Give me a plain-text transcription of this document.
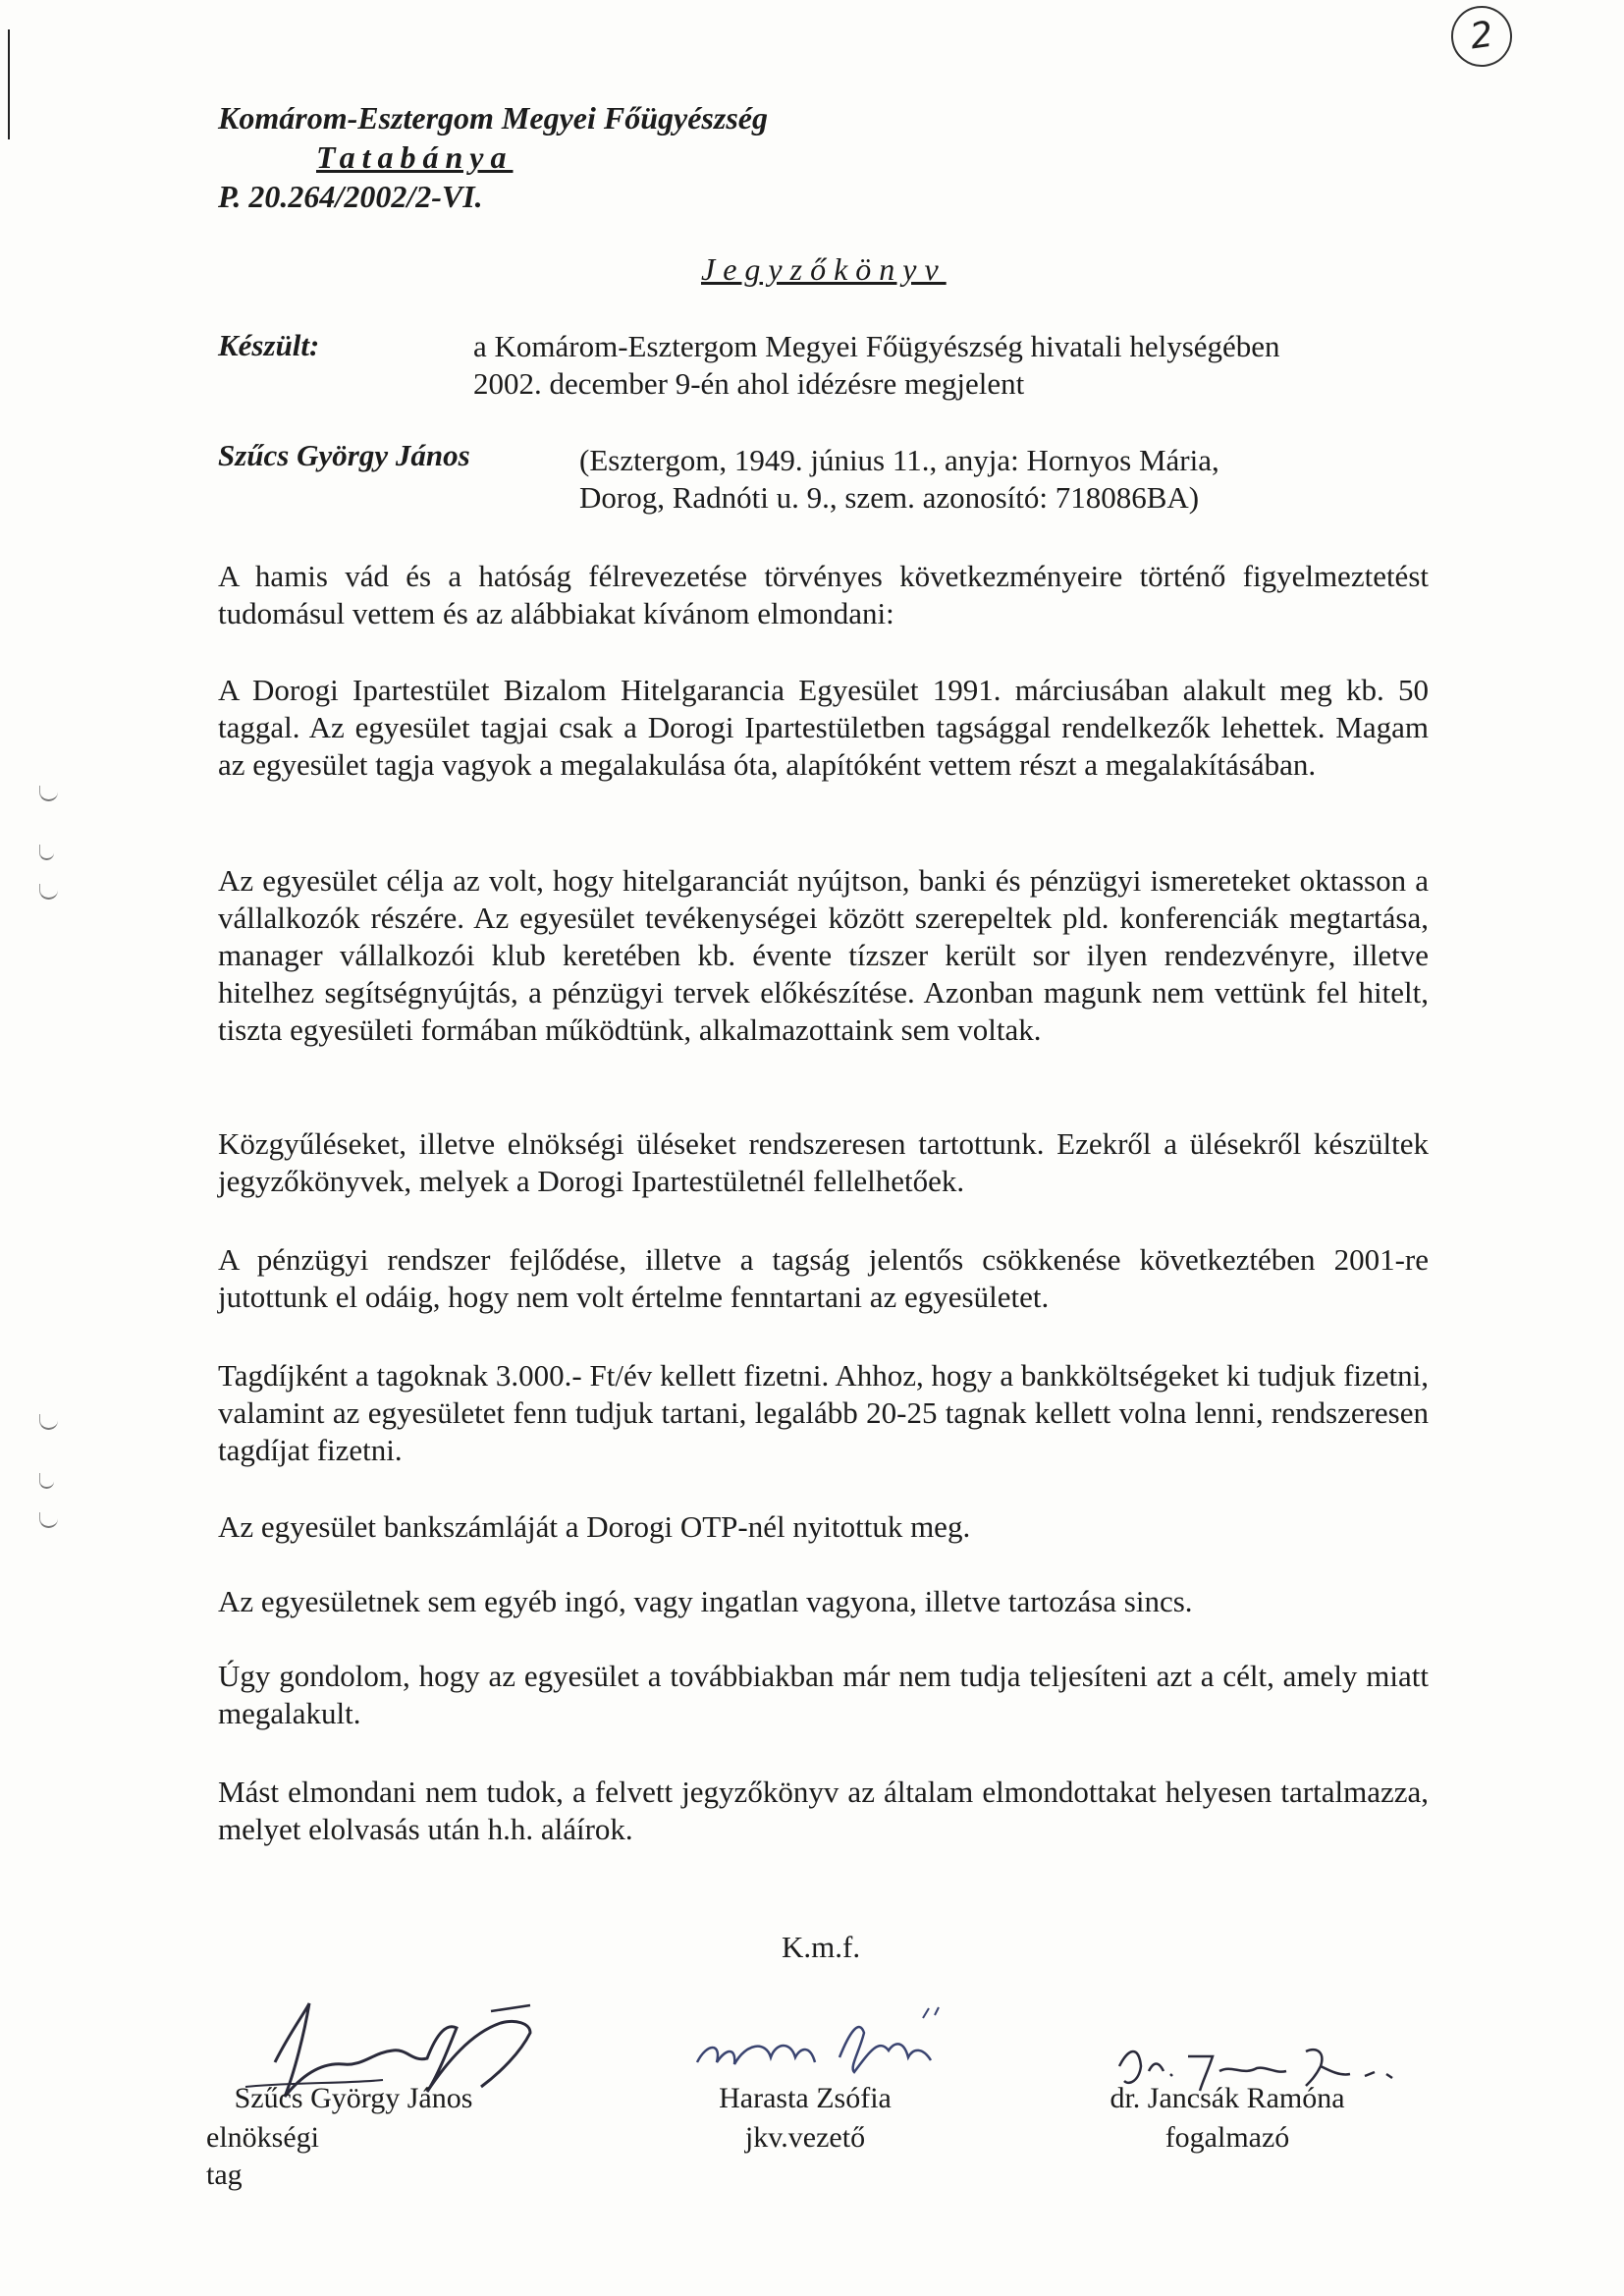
2
Komárom-Esztergom Megyei Főügyészség
Tatabánya
P. 20.264/2002/2-VI.
Jegyzőkönyv
Készült:	a Komárom-Esztergom Megyei Főügyészség hivatali helységében
2002. december 9-én ahol idézésre megjelent
Szűcs György János	(Esztergom, 1949. június 11., anyja: Hornyos Mária,
Dorog, Radnóti u. 9., szem. azonosító: 718086BA)
A hamis vád és a hatóság félrevezetése törvényes következményeire történő figyelmeztetést tudomásul vettem és az alábbiakat kívánom elmondani:
A Dorogi Ipartestület Bizalom Hitelgarancia Egyesület 1991. márciusában alakult meg kb. 50 taggal. Az egyesület tagjai csak a Dorogi Ipartestületben tagsággal rendelkezők lehettek. Magam az egyesület tagja vagyok a megalakulása óta, alapítóként vettem részt a megalakításában.
Az egyesület célja az volt, hogy hitelgaranciát nyújtson, banki és pénzügyi ismereteket oktasson a vállalkozók részére. Az egyesület tevékenységei között szerepeltek pld. konferenciák megtartása, manager vállalkozói klub keretében kb. évente tízszer került sor ilyen rendezvényre, illetve hitelhez segítségnyújtás, a pénzügyi tervek előkészítése. Azonban magunk nem vettünk fel hitelt, tiszta egyesületi formában működtünk, alkalmazottaink sem voltak.
Közgyűléseket, illetve elnökségi üléseket rendszeresen tartottunk. Ezekről a ülésekről készültek jegyzőkönyvek, melyek a Dorogi Ipartestületnél fellelhetőek.
A pénzügyi rendszer fejlődése, illetve a tagság jelentős csökkenése következtében 2001-re jutottunk el odáig, hogy nem volt értelme fenntartani az egyesületet.
Tagdíjként a tagoknak 3.000.- Ft/év kellett fizetni. Ahhoz, hogy a bankköltségeket ki tudjuk fizetni, valamint az egyesületet fenn tudjuk tartani, legalább 20-25 tagnak kellett volna lenni, rendszeresen tagdíjat fizetni.
Az egyesület bankszámláját a Dorogi OTP-nél nyitottuk meg.
Az egyesületnek sem egyéb ingó, vagy ingatlan vagyona, illetve tartozása sincs.
Úgy gondolom, hogy az egyesület a továbbiakban már nem tudja teljesíteni azt a célt, amely miatt megalakult.
Mást elmondani nem tudok, a felvett jegyzőkönyv az általam elmondottakat helyesen tartalmazza, melyet elolvasás után h.h. aláírok.
K.m.f.
Szűcs György János
elnökségi tag
Harasta Zsófia
jkv.vezető
dr. Jancsák Ramóna
fogalmazó
